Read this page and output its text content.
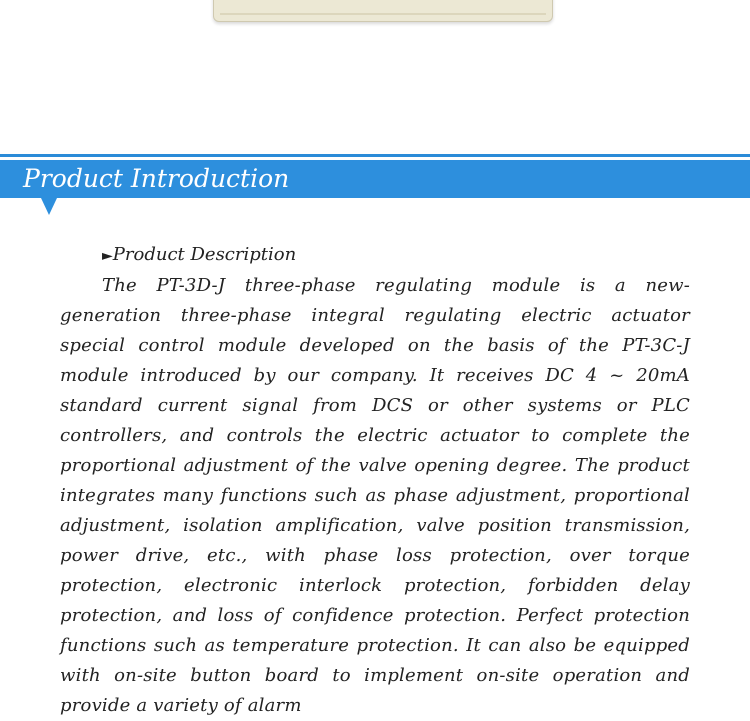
Product Introduction

►Product Description

The PT-3D-J three-phase regulating module is a new-generation three-phase integral regulating electric actuator special control module developed on the basis of the PT-3C-J module introduced by our company. It receives DC 4 ~ 20mA standard current signal from DCS or other systems or PLC controllers, and controls the electric actuator to complete the proportional adjustment of the valve opening degree. The product integrates many functions such as phase adjustment, proportional adjustment, isolation amplification, valve position transmission, power drive, etc., with phase loss protection, over torque protection, electronic interlock protection, forbidden delay protection, and loss of confidence protection. Perfect protection functions such as temperature protection. It can also be equipped with on-site button board to implement on-site operation and provide a variety of alarm
